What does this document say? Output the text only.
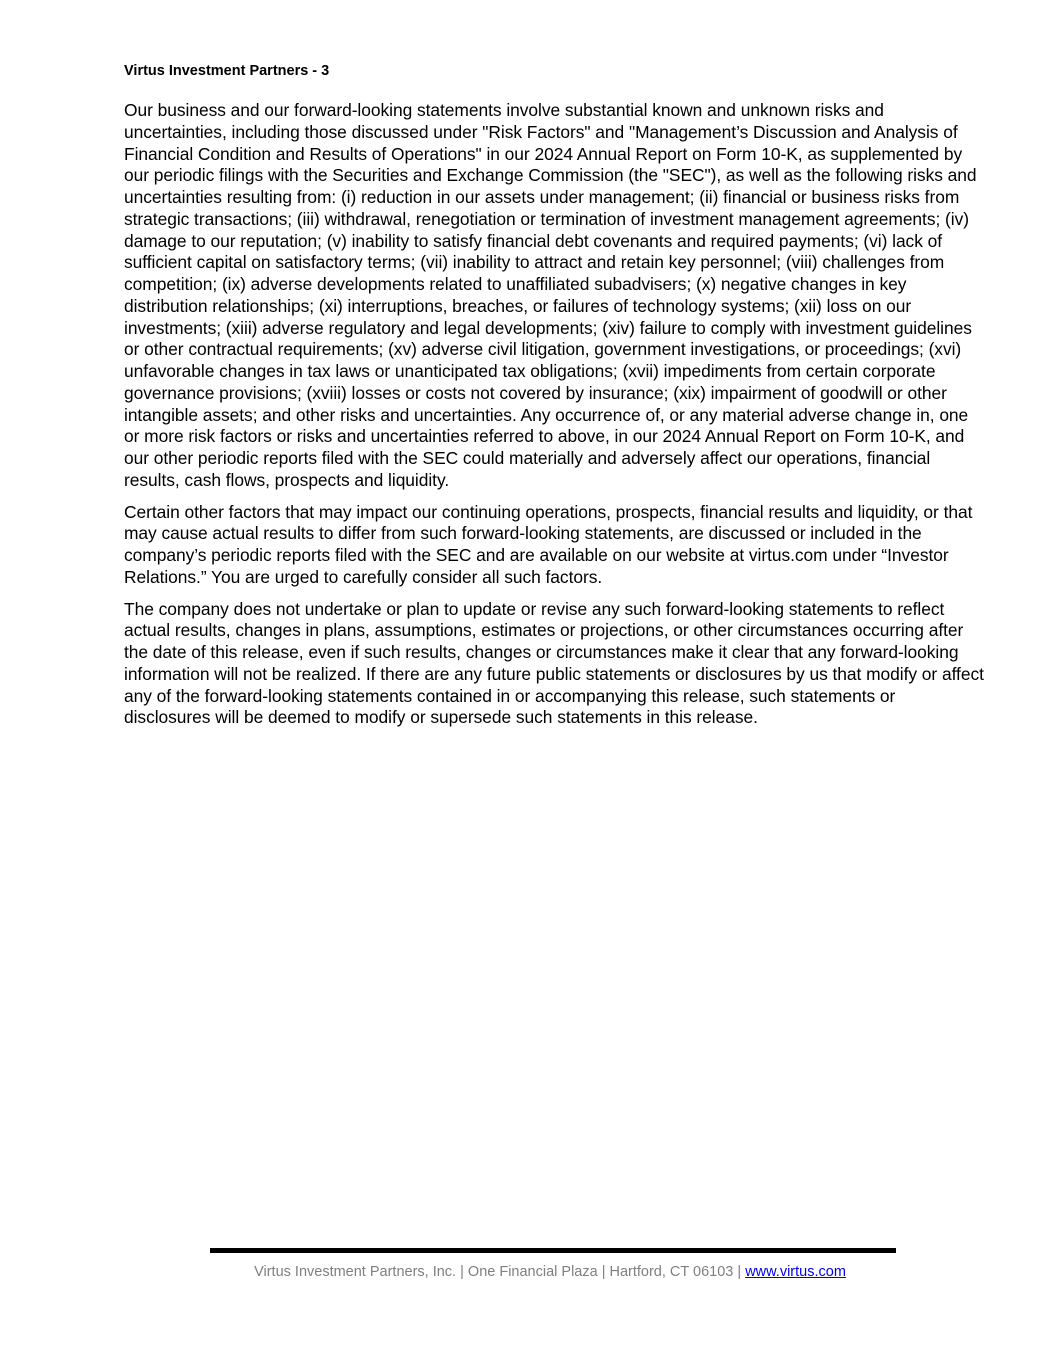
Virtus Investment Partners - 3

Our business and our forward-looking statements involve substantial known and unknown risks and uncertainties, including those discussed under "Risk Factors" and "Management’s Discussion and Analysis of Financial Condition and Results of Operations" in our 2024 Annual Report on Form 10-K, as supplemented by our periodic filings with the Securities and Exchange Commission (the "SEC"), as well as the following risks and uncertainties resulting from: (i) reduction in our assets under management; (ii) financial or business risks from strategic transactions; (iii) withdrawal, renegotiation or termination of investment management agreements; (iv) damage to our reputation; (v) inability to satisfy financial debt covenants and required payments; (vi) lack of sufficient capital on satisfactory terms; (vii) inability to attract and retain key personnel; (viii) challenges from competition; (ix) adverse developments related to unaffiliated subadvisers; (x) negative changes in key distribution relationships; (xi) interruptions, breaches, or failures of technology systems; (xii) loss on our investments; (xiii) adverse regulatory and legal developments; (xiv) failure to comply with investment guidelines or other contractual requirements; (xv) adverse civil litigation, government investigations, or proceedings; (xvi) unfavorable changes in tax laws or unanticipated tax obligations; (xvii) impediments from certain corporate governance provisions; (xviii) losses or costs not covered by insurance; (xix) impairment of goodwill or other intangible assets; and other risks and uncertainties. Any occurrence of, or any material adverse change in, one or more risk factors or risks and uncertainties referred to above, in our 2024 Annual Report on Form 10-K, and our other periodic reports filed with the SEC could materially and adversely affect our operations, financial results, cash flows, prospects and liquidity.

Certain other factors that may impact our continuing operations, prospects, financial results and liquidity, or that may cause actual results to differ from such forward-looking statements, are discussed or included in the company’s periodic reports filed with the SEC and are available on our website at virtus.com under “Investor Relations.” You are urged to carefully consider all such factors.

The company does not undertake or plan to update or revise any such forward-looking statements to reflect actual results, changes in plans, assumptions, estimates or projections, or other circumstances occurring after the date of this release, even if such results, changes or circumstances make it clear that any forward-looking information will not be realized. If there are any future public statements or disclosures by us that modify or affect any of the forward-looking statements contained in or accompanying this release, such statements or disclosures will be deemed to modify or supersede such statements in this release.

Virtus Investment Partners, Inc. | One Financial Plaza | Hartford, CT 06103 | www.virtus.com
